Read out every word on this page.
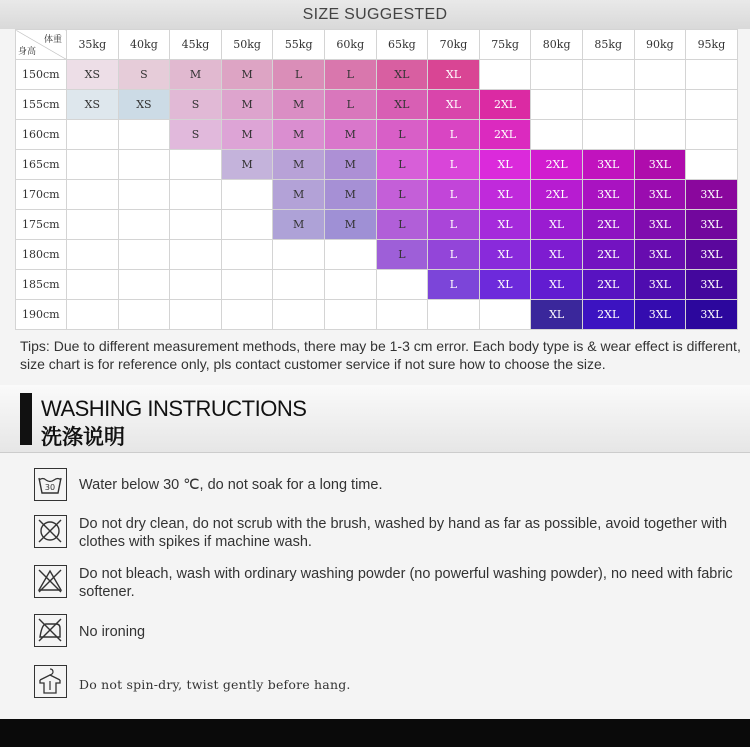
SIZE SUGGESTED
体重
身高	35kg	40kg	45kg	50kg	55kg	60kg	65kg	70kg	75kg	80kg	85kg	90kg	95kg
150cm	XS	S	M	M	L	L	XL	XL					
155cm	XS	XS	S	M	M	L	XL	XL	2XL				
160cm			S	M	M	M	L	L	2XL				
165cm				M	M	M	L	L	XL	2XL	3XL	3XL	
170cm					M	M	L	L	XL	2XL	3XL	3XL	3XL
175cm					M	M	L	L	XL	XL	2XL	3XL	3XL
180cm							L	L	XL	XL	2XL	3XL	3XL
185cm								L	XL	XL	2XL	3XL	3XL
190cm										XL	2XL	3XL	3XL
Tips: Due to different measurement methods, there may be 1-3 cm error. Each body type is & wear effect is different, size chart is for reference only, pls contact customer service if not sure how to choose the size.
WASHING INSTRUCTIONS
洗涤说明
30 Water below 30 ℃, do not soak for a long time.
Do not dry clean, do not scrub with the brush, washed by hand as far as possible, avoid together with clothes with spikes if machine wash.
Do not bleach, wash with ordinary washing powder (no powerful washing powder), no need with fabric softener.
No ironing
Do not spin-dry, twist gently before hang.
